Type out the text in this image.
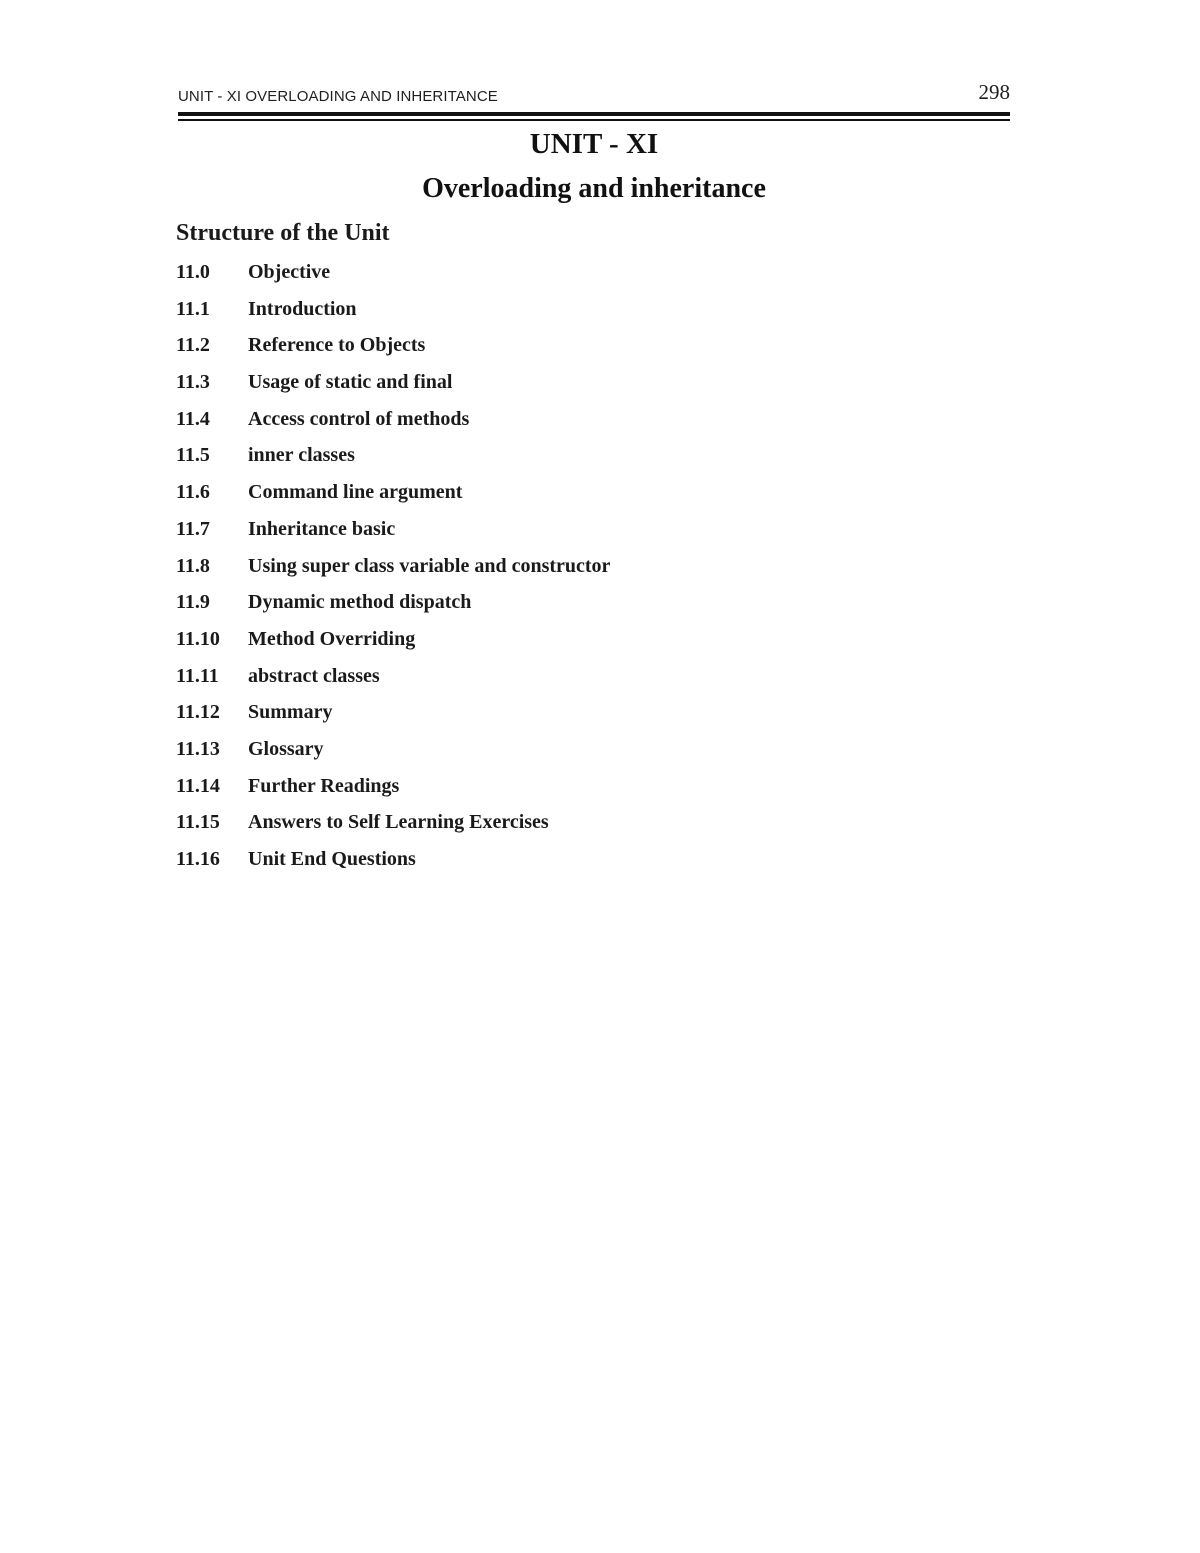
UNIT - XI OVERLOADING AND INHERITANCE	298
UNIT - XI
Overloading and inheritance
Structure of the Unit
11.0 Objective
11.1 Introduction
11.2 Reference to Objects
11.3 Usage of static and final
11.4 Access control of methods
11.5 inner classes
11.6 Command line argument
11.7 Inheritance basic
11.8 Using super class variable and constructor
11.9 Dynamic method dispatch
11.10 Method Overriding
11.11 abstract classes
11.12 Summary
11.13 Glossary
11.14 Further Readings
11.15 Answers to Self Learning Exercises
11.16 Unit End Questions
